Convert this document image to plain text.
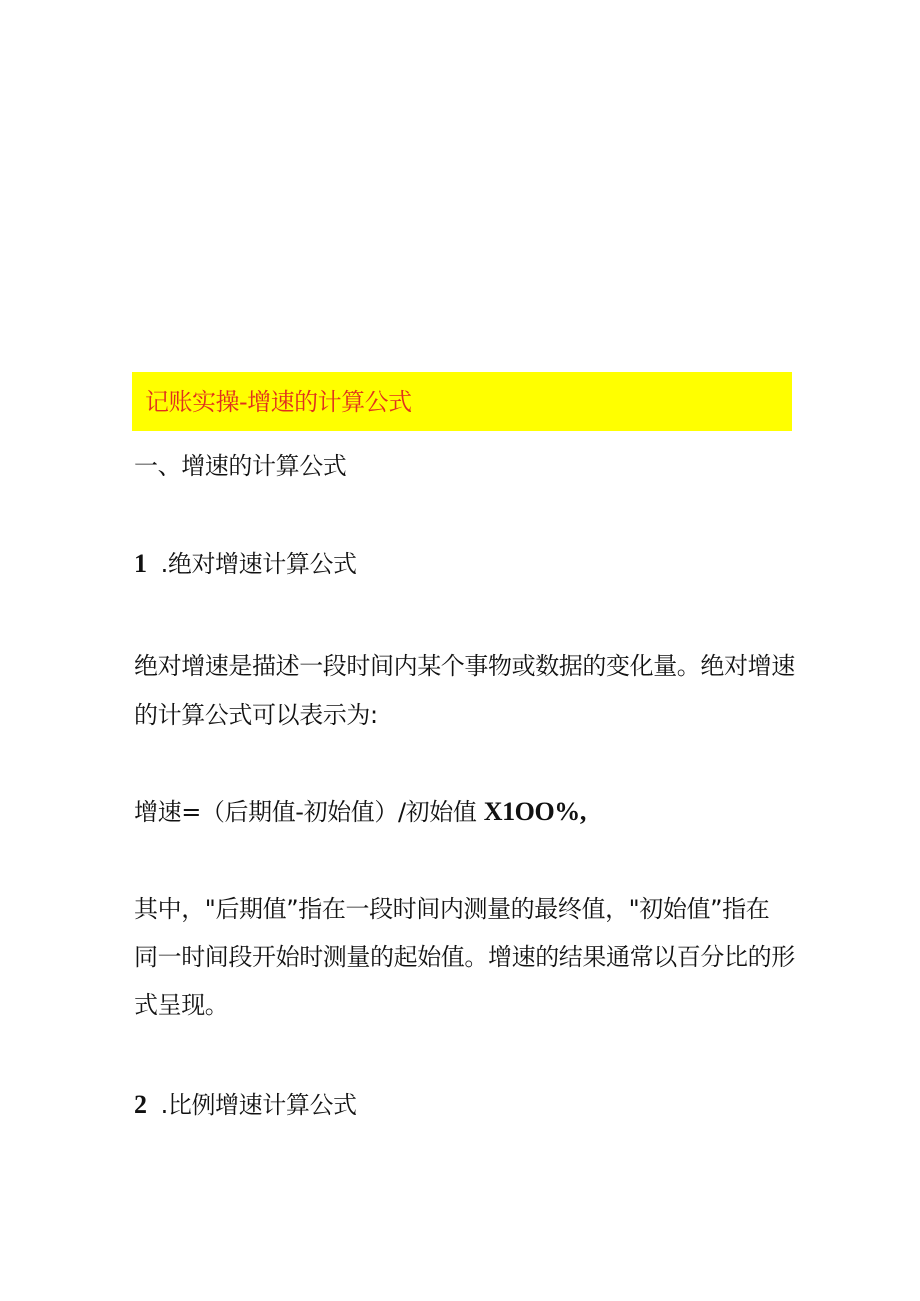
记账实操-增速的计算公式
一、增速的计算公式
1 .绝对增速计算公式
绝对增速是描述一段时间内某个事物或数据的变化量。绝对增速
的计算公式可以表示为:
增速=（后期值-初始值）/初始值 X1OO%,
其中，"后期值”指在一段时间内测量的最终值，"初始值”指在
同一时间段开始时测量的起始值。增速的结果通常以百分比的形
式呈现。
2 .比例增速计算公式
